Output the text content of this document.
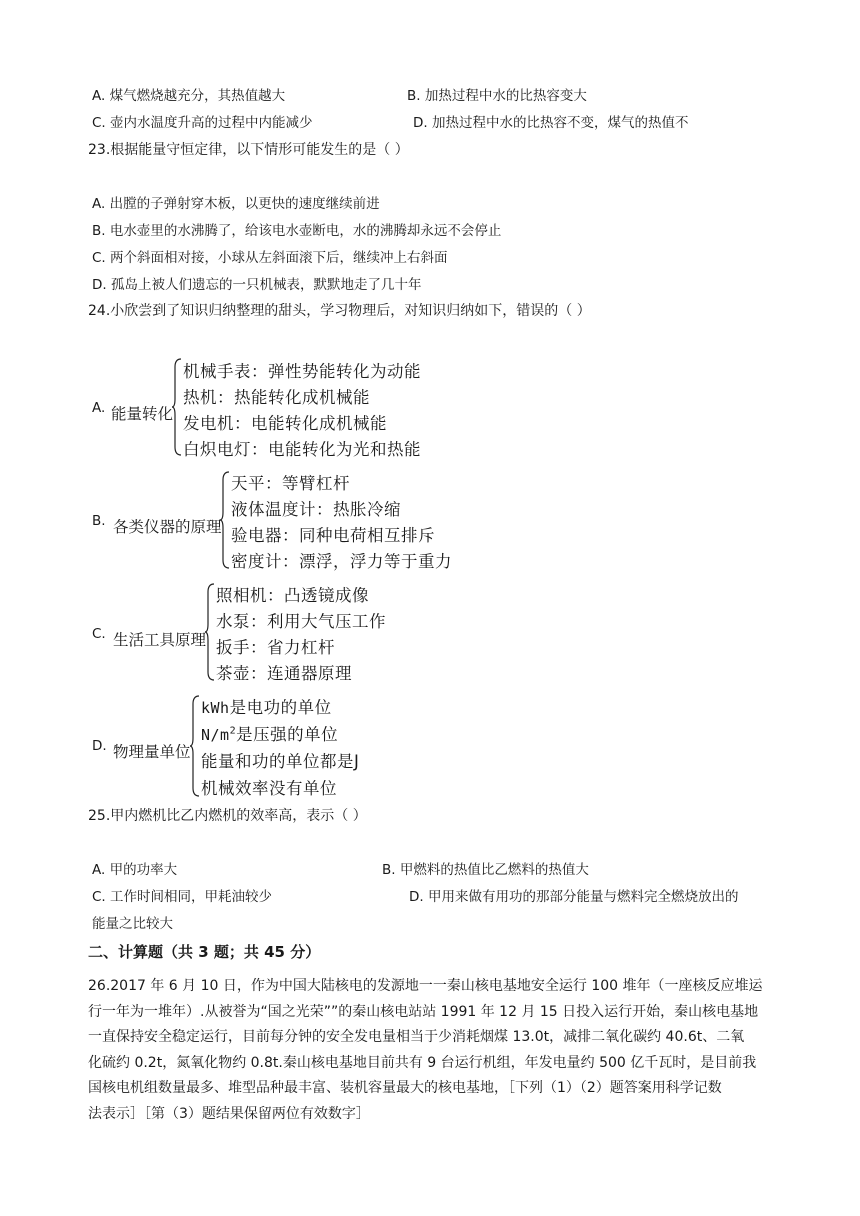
A. 煤气燃烧越充分，其热值越大	B. 加热过程中水的比热容变大
C. 壶内水温度升高的过程中内能减少	D. 加热过程中水的比热容不变，煤气的热值不
23.根据能量守恒定律，以下情形可能发生的是（ ）
A. 出膛的子弹射穿木板，以更快的速度继续前进
B. 电水壶里的水沸腾了，给该电水壶断电，水的沸腾却永远不会停止
C. 两个斜面相对接，小球从左斜面滚下后，继续冲上右斜面
D. 孤岛上被人们遗忘的一只机械表，默默地走了几十年
24.小欣尝到了知识归纳整理的甜头，学习物理后，对知识归纳如下，错误的（ ）
A. 能量转化
机械手表：弹性势能转化为动能
热机：热能转化成机械能
发电机：电能转化成机械能
白炽电灯：电能转化为光和热能
B. 各类仪器的原理
天平：等臂杠杆
液体温度计：热胀冷缩
验电器：同种电荷相互排斥
密度计：漂浮，浮力等于重力
C. 生活工具原理
照相机：凸透镜成像
水泵：利用大气压工作
扳手：省力杠杆
茶壶：连通器原理
D. 物理量单位
kWh是电功的单位
$N/m^2$是压强的单位
能量和功的单位都是J
机械效率没有单位
25.甲内燃机比乙内燃机的效率高，表示（ ）
A. 甲的功率大	B. 甲燃料的热值比乙燃料的热值大
C. 工作时间相同，甲耗油较少	D. 甲用来做有用功的那部分能量与燃料完全燃烧放出的
能量之比较大
二、计算题（共 3 题；共 45 分）
26.2017 年 6 月 10 日，作为中国大陆核电的发源地一一秦山核电基地安全运行 100 堆年（一座核反应堆运
行一年为一堆年）.从被誉为“国之光荣””的秦山核电站站 1991 年 12 月 15 日投入运行开始，秦山核电基地
一直保持安全稳定运行，目前每分钟的安全发电量相当于少消耗烟煤 13.0t，减排二氧化碳约 40.6t、二氧
化硫约 0.2t，氮氧化物约 0.8t.秦山核电基地目前共有 9 台运行机组，年发电量约 500 亿千瓦时，是目前我
国核电机组数量最多、堆型品种最丰富、装机容量最大的核电基地，［下列（1）（2）题答案用科学记数
法表示］［第（3）题结果保留两位有效数字］
